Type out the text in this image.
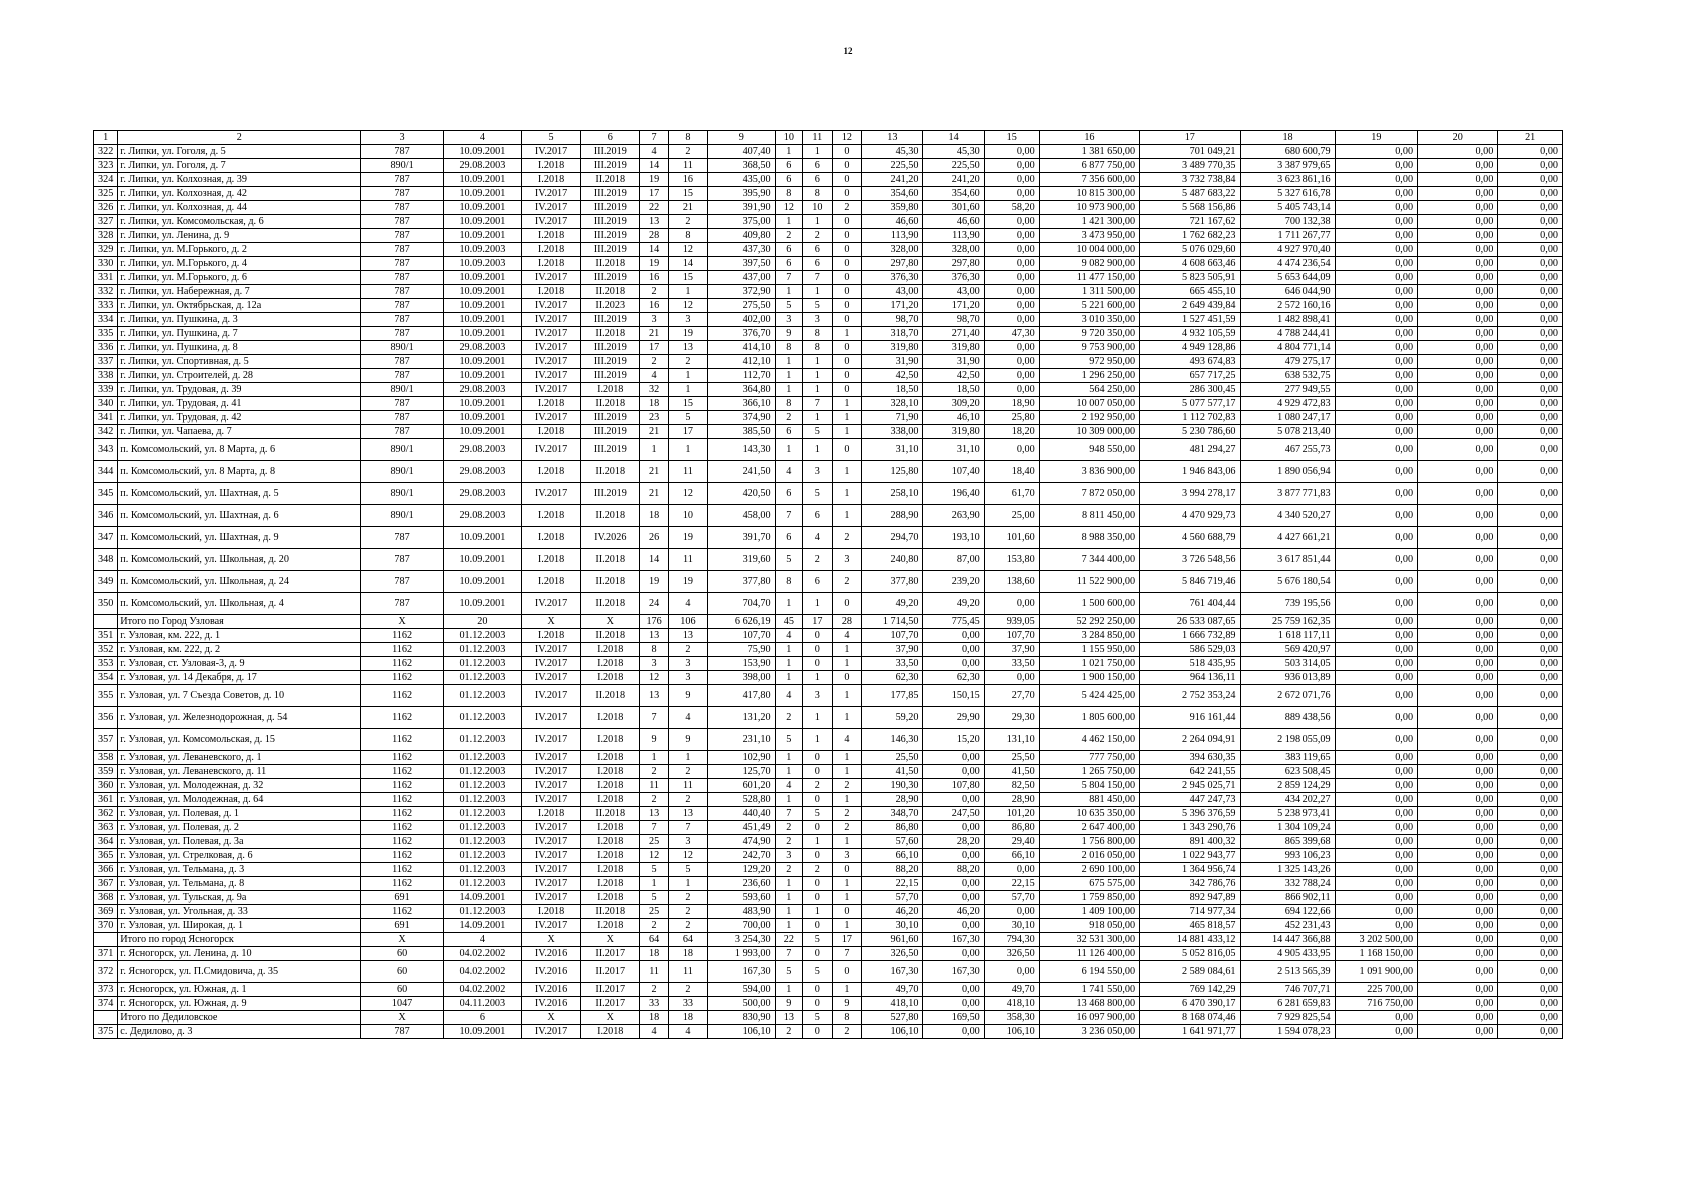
12
1	2	3	4	5	6	7	8	9	10	11	12	13	14	15	16	17	18	19	20	21
322	г. Липки, ул. Гоголя, д. 5	787	10.09.2001	IV.2017	III.2019	4	2	407,40	1	1	0	45,30	45,30	0,00	1 381 650,00	701 049,21	680 600,79	0,00	0,00	0,00
323	г. Липки, ул. Гоголя, д. 7	890/1	29.08.2003	I.2018	III.2019	14	11	368,50	6	6	0	225,50	225,50	0,00	6 877 750,00	3 489 770,35	3 387 979,65	0,00	0,00	0,00
324	г. Липки, ул. Колхозная, д. 39	787	10.09.2001	I.2018	II.2018	19	16	435,00	6	6	0	241,20	241,20	0,00	7 356 600,00	3 732 738,84	3 623 861,16	0,00	0,00	0,00
325	г. Липки, ул. Колхозная, д. 42	787	10.09.2001	IV.2017	III.2019	17	15	395,90	8	8	0	354,60	354,60	0,00	10 815 300,00	5 487 683,22	5 327 616,78	0,00	0,00	0,00
326	г. Липки, ул. Колхозная, д. 44	787	10.09.2001	IV.2017	III.2019	22	21	391,90	12	10	2	359,80	301,60	58,20	10 973 900,00	5 568 156,86	5 405 743,14	0,00	0,00	0,00
327	г. Липки, ул. Комсомольская, д. 6	787	10.09.2001	IV.2017	III.2019	13	2	375,00	1	1	0	46,60	46,60	0,00	1 421 300,00	721 167,62	700 132,38	0,00	0,00	0,00
328	г. Липки, ул. Ленина, д. 9	787	10.09.2001	I.2018	III.2019	28	8	409,80	2	2	0	113,90	113,90	0,00	3 473 950,00	1 762 682,23	1 711 267,77	0,00	0,00	0,00
329	г. Липки, ул. М.Горького, д. 2	787	10.09.2003	I.2018	III.2019	14	12	437,30	6	6	0	328,00	328,00	0,00	10 004 000,00	5 076 029,60	4 927 970,40	0,00	0,00	0,00
330	г. Липки, ул. М.Горького, д. 4	787	10.09.2003	I.2018	II.2018	19	14	397,50	6	6	0	297,80	297,80	0,00	9 082 900,00	4 608 663,46	4 474 236,54	0,00	0,00	0,00
331	г. Липки, ул. М.Горького, д. 6	787	10.09.2001	IV.2017	III.2019	16	15	437,00	7	7	0	376,30	376,30	0,00	11 477 150,00	5 823 505,91	5 653 644,09	0,00	0,00	0,00
332	г. Липки, ул. Набережная, д. 7	787	10.09.2001	I.2018	II.2018	2	1	372,90	1	1	0	43,00	43,00	0,00	1 311 500,00	665 455,10	646 044,90	0,00	0,00	0,00
333	г. Липки, ул. Октябрьская, д. 12а	787	10.09.2001	IV.2017	II.2023	16	12	275,50	5	5	0	171,20	171,20	0,00	5 221 600,00	2 649 439,84	2 572 160,16	0,00	0,00	0,00
334	г. Липки, ул. Пушкина, д. 3	787	10.09.2001	IV.2017	III.2019	3	3	402,00	3	3	0	98,70	98,70	0,00	3 010 350,00	1 527 451,59	1 482 898,41	0,00	0,00	0,00
335	г. Липки, ул. Пушкина, д. 7	787	10.09.2001	IV.2017	II.2018	21	19	376,70	9	8	1	318,70	271,40	47,30	9 720 350,00	4 932 105,59	4 788 244,41	0,00	0,00	0,00
336	г. Липки, ул. Пушкина, д. 8	890/1	29.08.2003	IV.2017	III.2019	17	13	414,10	8	8	0	319,80	319,80	0,00	9 753 900,00	4 949 128,86	4 804 771,14	0,00	0,00	0,00
337	г. Липки, ул. Спортивная, д. 5	787	10.09.2001	IV.2017	III.2019	2	2	412,10	1	1	0	31,90	31,90	0,00	972 950,00	493 674,83	479 275,17	0,00	0,00	0,00
338	г. Липки, ул. Строителей, д. 28	787	10.09.2001	IV.2017	III.2019	4	1	112,70	1	1	0	42,50	42,50	0,00	1 296 250,00	657 717,25	638 532,75	0,00	0,00	0,00
339	г. Липки, ул. Трудовая, д. 39	890/1	29.08.2003	IV.2017	I.2018	32	1	364,80	1	1	0	18,50	18,50	0,00	564 250,00	286 300,45	277 949,55	0,00	0,00	0,00
340	г. Липки, ул. Трудовая, д. 41	787	10.09.2001	I.2018	II.2018	18	15	366,10	8	7	1	328,10	309,20	18,90	10 007 050,00	5 077 577,17	4 929 472,83	0,00	0,00	0,00
341	г. Липки, ул. Трудовая, д. 42	787	10.09.2001	IV.2017	III.2019	23	5	374,90	2	1	1	71,90	46,10	25,80	2 192 950,00	1 112 702,83	1 080 247,17	0,00	0,00	0,00
342	г. Липки, ул. Чапаева, д. 7	787	10.09.2001	I.2018	III.2019	21	17	385,50	6	5	1	338,00	319,80	18,20	10 309 000,00	5 230 786,60	5 078 213,40	0,00	0,00	0,00
343	п. Комсомольский, ул. 8 Марта, д. 6	890/1	29.08.2003	IV.2017	III.2019	1	1	143,30	1	1	0	31,10	31,10	0,00	948 550,00	481 294,27	467 255,73	0,00	0,00	0,00
344	п. Комсомольский, ул. 8 Марта, д. 8	890/1	29.08.2003	I.2018	II.2018	21	11	241,50	4	3	1	125,80	107,40	18,40	3 836 900,00	1 946 843,06	1 890 056,94	0,00	0,00	0,00
345	п. Комсомольский, ул. Шахтная, д. 5	890/1	29.08.2003	IV.2017	III.2019	21	12	420,50	6	5	1	258,10	196,40	61,70	7 872 050,00	3 994 278,17	3 877 771,83	0,00	0,00	0,00
346	п. Комсомольский, ул. Шахтная, д. 6	890/1	29.08.2003	I.2018	II.2018	18	10	458,00	7	6	1	288,90	263,90	25,00	8 811 450,00	4 470 929,73	4 340 520,27	0,00	0,00	0,00
347	п. Комсомольский, ул. Шахтная, д. 9	787	10.09.2001	I.2018	IV.2026	26	19	391,70	6	4	2	294,70	193,10	101,60	8 988 350,00	4 560 688,79	4 427 661,21	0,00	0,00	0,00
348	п. Комсомольский, ул. Школьная, д. 20	787	10.09.2001	I.2018	II.2018	14	11	319,60	5	2	3	240,80	87,00	153,80	7 344 400,00	3 726 548,56	3 617 851,44	0,00	0,00	0,00
349	п. Комсомольский, ул. Школьная, д. 24	787	10.09.2001	I.2018	II.2018	19	19	377,80	8	6	2	377,80	239,20	138,60	11 522 900,00	5 846 719,46	5 676 180,54	0,00	0,00	0,00
350	п. Комсомольский, ул. Школьная, д. 4	787	10.09.2001	IV.2017	II.2018	24	4	704,70	1	1	0	49,20	49,20	0,00	1 500 600,00	761 404,44	739 195,56	0,00	0,00	0,00
	Итого по Город Узловая	X	20	X	X	176	106	6 626,19	45	17	28	1 714,50	775,45	939,05	52 292 250,00	26 533 087,65	25 759 162,35	0,00	0,00	0,00
351	г. Узловая, км. 222, д. 1	1162	01.12.2003	I.2018	II.2018	13	13	107,70	4	0	4	107,70	0,00	107,70	3 284 850,00	1 666 732,89	1 618 117,11	0,00	0,00	0,00
352	г. Узловая, км. 222, д. 2	1162	01.12.2003	IV.2017	I.2018	8	2	75,90	1	0	1	37,90	0,00	37,90	1 155 950,00	586 529,03	569 420,97	0,00	0,00	0,00
353	г. Узловая, ст. Узловая-3, д. 9	1162	01.12.2003	IV.2017	I.2018	3	3	153,90	1	0	1	33,50	0,00	33,50	1 021 750,00	518 435,95	503 314,05	0,00	0,00	0,00
354	г. Узловая, ул. 14 Декабря, д. 17	1162	01.12.2003	IV.2017	I.2018	12	3	398,00	1	1	0	62,30	62,30	0,00	1 900 150,00	964 136,11	936 013,89	0,00	0,00	0,00
355	г. Узловая, ул. 7 Съезда Советов, д. 10	1162	01.12.2003	IV.2017	II.2018	13	9	417,80	4	3	1	177,85	150,15	27,70	5 424 425,00	2 752 353,24	2 672 071,76	0,00	0,00	0,00
356	г. Узловая, ул. Железнодорожная, д. 54	1162	01.12.2003	IV.2017	I.2018	7	4	131,20	2	1	1	59,20	29,90	29,30	1 805 600,00	916 161,44	889 438,56	0,00	0,00	0,00
357	г. Узловая, ул. Комсомольская, д. 15	1162	01.12.2003	IV.2017	I.2018	9	9	231,10	5	1	4	146,30	15,20	131,10	4 462 150,00	2 264 094,91	2 198 055,09	0,00	0,00	0,00
358	г. Узловая, ул. Леваневского, д. 1	1162	01.12.2003	IV.2017	I.2018	1	1	102,90	1	0	1	25,50	0,00	25,50	777 750,00	394 630,35	383 119,65	0,00	0,00	0,00
359	г. Узловая, ул. Леваневского, д. 11	1162	01.12.2003	IV.2017	I.2018	2	2	125,70	1	0	1	41,50	0,00	41,50	1 265 750,00	642 241,55	623 508,45	0,00	0,00	0,00
360	г. Узловая, ул. Молодежная, д. 32	1162	01.12.2003	IV.2017	I.2018	11	11	601,20	4	2	2	190,30	107,80	82,50	5 804 150,00	2 945 025,71	2 859 124,29	0,00	0,00	0,00
361	г. Узловая, ул. Молодежная, д. 64	1162	01.12.2003	IV.2017	I.2018	2	2	528,80	1	0	1	28,90	0,00	28,90	881 450,00	447 247,73	434 202,27	0,00	0,00	0,00
362	г. Узловая, ул. Полевая, д. 1	1162	01.12.2003	I.2018	II.2018	13	13	440,40	7	5	2	348,70	247,50	101,20	10 635 350,00	5 396 376,59	5 238 973,41	0,00	0,00	0,00
363	г. Узловая, ул. Полевая, д. 2	1162	01.12.2003	IV.2017	I.2018	7	7	451,49	2	0	2	86,80	0,00	86,80	2 647 400,00	1 343 290,76	1 304 109,24	0,00	0,00	0,00
364	г. Узловая, ул. Полевая, д. 3а	1162	01.12.2003	IV.2017	I.2018	25	3	474,90	2	1	1	57,60	28,20	29,40	1 756 800,00	891 400,32	865 399,68	0,00	0,00	0,00
365	г. Узловая, ул. Стрелковая, д. 6	1162	01.12.2003	IV.2017	I.2018	12	12	242,70	3	0	3	66,10	0,00	66,10	2 016 050,00	1 022 943,77	993 106,23	0,00	0,00	0,00
366	г. Узловая, ул. Тельмана, д. 3	1162	01.12.2003	IV.2017	I.2018	5	5	129,20	2	2	0	88,20	88,20	0,00	2 690 100,00	1 364 956,74	1 325 143,26	0,00	0,00	0,00
367	г. Узловая, ул. Тельмана, д. 8	1162	01.12.2003	IV.2017	I.2018	1	1	236,60	1	0	1	22,15	0,00	22,15	675 575,00	342 786,76	332 788,24	0,00	0,00	0,00
368	г. Узловая, ул. Тульская, д. 9а	691	14.09.2001	IV.2017	I.2018	5	2	593,60	1	0	1	57,70	0,00	57,70	1 759 850,00	892 947,89	866 902,11	0,00	0,00	0,00
369	г. Узловая, ул. Угольная, д. 33	1162	01.12.2003	I.2018	II.2018	25	2	483,90	1	1	0	46,20	46,20	0,00	1 409 100,00	714 977,34	694 122,66	0,00	0,00	0,00
370	г. Узловая, ул. Широкая, д. 1	691	14.09.2001	IV.2017	I.2018	2	2	700,00	1	0	1	30,10	0,00	30,10	918 050,00	465 818,57	452 231,43	0,00	0,00	0,00
	Итого по город Ясногорск	X	4	X	X	64	64	3 254,30	22	5	17	961,60	167,30	794,30	32 531 300,00	14 881 433,12	14 447 366,88	3 202 500,00	0,00	0,00
371	г. Ясногорск, ул. Ленина, д. 10	60	04.02.2002	IV.2016	II.2017	18	18	1 993,00	7	0	7	326,50	0,00	326,50	11 126 400,00	5 052 816,05	4 905 433,95	1 168 150,00	0,00	0,00
372	г. Ясногорск, ул. П.Смидовича, д. 35	60	04.02.2002	IV.2016	II.2017	11	11	167,30	5	5	0	167,30	167,30	0,00	6 194 550,00	2 589 084,61	2 513 565,39	1 091 900,00	0,00	0,00
373	г. Ясногорск, ул. Южная, д. 1	60	04.02.2002	IV.2016	II.2017	2	2	594,00	1	0	1	49,70	0,00	49,70	1 741 550,00	769 142,29	746 707,71	225 700,00	0,00	0,00
374	г. Ясногорск, ул. Южная, д. 9	1047	04.11.2003	IV.2016	II.2017	33	33	500,00	9	0	9	418,10	0,00	418,10	13 468 800,00	6 470 390,17	6 281 659,83	716 750,00	0,00	0,00
	Итого по Дедиловское	X	6	X	X	18	18	830,90	13	5	8	527,80	169,50	358,30	16 097 900,00	8 168 074,46	7 929 825,54	0,00	0,00	0,00
375	с. Дедилово, д. 3	787	10.09.2001	IV.2017	I.2018	4	4	106,10	2	0	2	106,10	0,00	106,10	3 236 050,00	1 641 971,77	1 594 078,23	0,00	0,00	0,00
